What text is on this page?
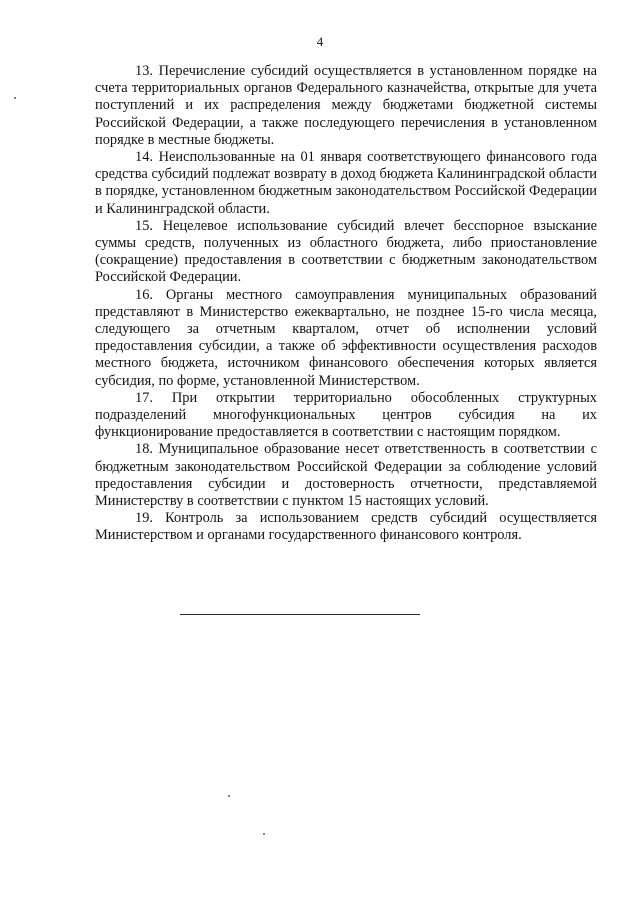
4

13. Перечисление субсидий осуществляется в установленном порядке на счета территориальных органов Федерального казначейства, открытые для учета поступлений и их распределения между бюджетами бюджетной системы Российской Федерации, а также последующего перечисления в установленном порядке в местные бюджеты.

14. Неиспользованные на 01 января соответствующего финансового года средства субсидий подлежат возврату в доход бюджета Калининградской области в порядке, установленном бюджетным законодательством Российской Федерации и Калининградской области.

15. Нецелевое использование субсидий влечет бесспорное взыскание суммы средств, полученных из областного бюджета, либо приостановление (сокращение) предоставления в соответствии с бюджетным законодательством Российской Федерации.

16. Органы местного самоуправления муниципальных образований представляют в Министерство ежеквартально, не позднее 15-го числа месяца, следующего за отчетным кварталом, отчет об исполнении условий предоставления субсидии, а также об эффективности осуществления расходов местного бюджета, источником финансового обеспечения которых является субсидия, по форме, установленной Министерством.

17. При открытии территориально обособленных структурных подразделений многофункциональных центров субсидия на их функционирование предоставляется в соответствии с настоящим порядком.

18. Муниципальное образование несет ответственность в соответствии с бюджетным законодательством Российской Федерации за соблюдение условий предоставления субсидии и достоверность отчетности, представляемой Министерству в соответствии с пунктом 15 настоящих условий.

19. Контроль за использованием средств субсидий осуществляется Министерством и органами государственного финансового контроля.
